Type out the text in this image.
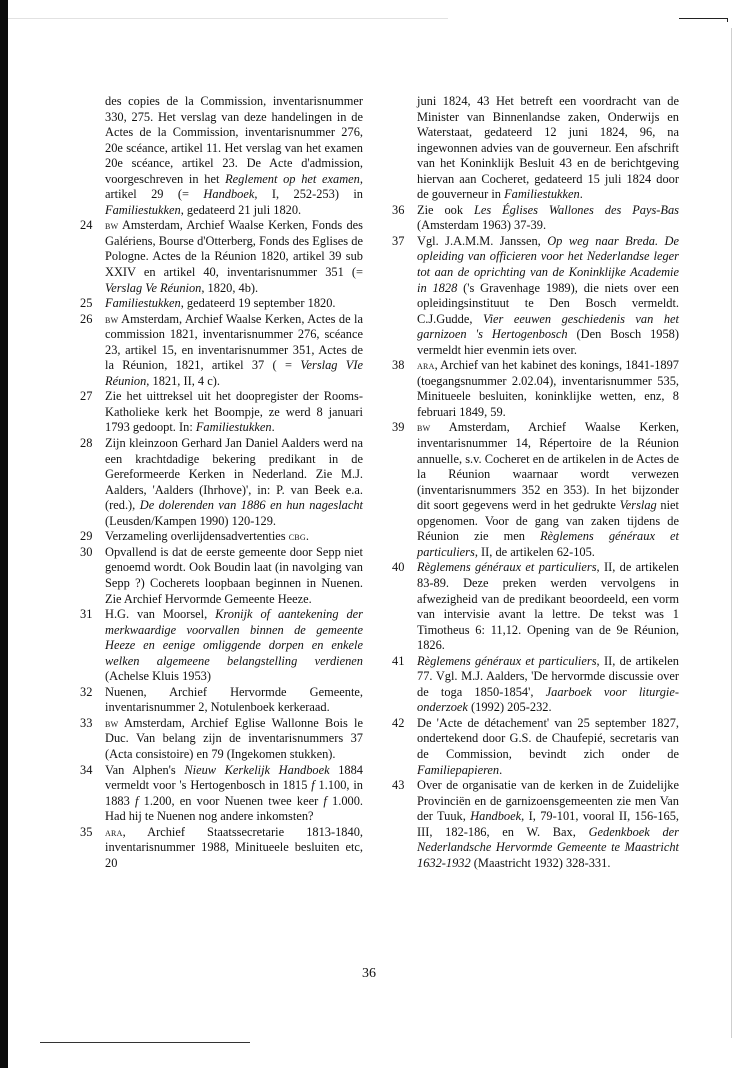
des copies de la Commission, inventarisnummer 330, 275. Het verslag van deze handelingen in de Actes de la Commission, inventarisnummer 276, 20e scéance, artikel 11. Het verslag van het examen 20e scéance, artikel 23. De Acte d'admission, voorgeschreven in het Reglement op het examen, artikel 29 (= Handboek, I, 252-253) in Familiestukken, gedateerd 21 juli 1820.

24	bw Amsterdam, Archief Waalse Kerken, Fonds des Galériens, Bourse d'Otterberg, Fonds des Eglises de Pologne. Actes de la Réunion 1820, artikel 39 sub XXIV en artikel 40, inventarisnummer 351 (= Verslag Ve Réunion, 1820, 4b).
25	Familiestukken, gedateerd 19 september 1820.
26	bw Amsterdam, Archief Waalse Kerken, Actes de la commission 1821, inventarisnummer 276, scéance 23, artikel 15, en inventarisnummer 351, Actes de la Réunion, 1821, artikel 37 ( = Verslag VIe Réunion, 1821, II, 4 c).
27	Zie het uittreksel uit het doopregister der Rooms-Katholieke kerk het Boompje, ze werd 8 januari 1793 gedoopt. In: Familiestukken.
28	Zijn kleinzoon Gerhard Jan Daniel Aalders werd na een krachtdadige bekering predikant in de Gereformeerde Kerken in Nederland. Zie M.J. Aalders, 'Aalders (Ihrhove)', in: P. van Beek e.a. (red.), De dolerenden van 1886 en hun nageslacht (Leusden/Kampen 1990) 120-129.
29	Verzameling overlijdensadvertenties cbg.
30	Opvallend is dat de eerste gemeente door Sepp niet genoemd wordt. Ook Boudin laat (in navolging van Sepp ?) Cocherets loopbaan beginnen in Nuenen. Zie Archief Hervormde Gemeente Heeze.
31	H.G. van Moorsel, Kronijk of aantekening der merkwaardige voorvallen binnen de gemeente Heeze en eenige omliggende dorpen en enkele welken algemeene belangstelling verdienen (Achelse Kluis 1953)
32	Nuenen, Archief Hervormde Gemeente, inventarisnummer 2, Notulenboek kerkeraad.
33	bw Amsterdam, Archief Eglise Wallonne Bois le Duc. Van belang zijn de inventarisnummers 37 (Acta consistoire) en 79 (Ingekomen stukken).
34	Van Alphen's Nieuw Kerkelijk Handboek 1884 vermeldt voor 's Hertogenbosch in 1815 f 1.100, in 1883 f 1.200, en voor Nuenen twee keer f 1.000. Had hij te Nuenen nog andere inkomsten?
35	ara, Archief Staatssecretarie 1813-1840, inventarisnummer 1988, Minitueele besluiten etc, 20

juni 1824, 43 Het betreft een voordracht van de Minister van Binnenlandse zaken, Onderwijs en Waterstaat, gedateerd 12 juni 1824, 96, na ingewonnen advies van de gouverneur. Een afschrift van het Koninklijk Besluit 43 en de berichtgeving hiervan aan Cocheret, gedateerd 15 juli 1824 door de gouverneur in Familiestukken.

36	Zie ook Les Églises Wallones des Pays-Bas (Amsterdam 1963) 37-39.
37	Vgl. J.A.M.M. Janssen, Op weg naar Breda. De opleiding van officieren voor het Nederlandse leger tot aan de oprichting van de Koninklijke Academie in 1828 ('s Gravenhage 1989), die niets over een opleidingsinstituut te Den Bosch vermeldt. C.J.Gudde, Vier eeuwen geschiedenis van het garnizoen 's Hertogenbosch (Den Bosch 1958) vermeldt hier evenmin iets over.
38	ara, Archief van het kabinet des konings, 1841-1897 (toegangsnummer 2.02.04), inventarisnummer 535, Minitueele besluiten, koninklijke wetten, enz, 8 februari 1849, 59.
39	bw Amsterdam, Archief Waalse Kerken, inventarisnummer 14, Répertoire de la Réunion annuelle, s.v. Cocheret en de artikelen in de Actes de la Réunion waarnaar wordt verwezen (inventarisnummers 352 en 353). In het bijzonder dit soort gegevens werd in het gedrukte Verslag niet opgenomen. Voor de gang van zaken tijdens de Réunion zie men Règlemens généraux et particuliers, II, de artikelen 62-105.
40	Règlemens généraux et particuliers, II, de artikelen 83-89. Deze preken werden vervolgens in afwezigheid van de predikant beoordeeld, een vorm van intervisie avant la lettre. De tekst was 1 Timotheus 6: 11,12. Opening van de 9e Réunion, 1826.
41	Règlemens généraux et particuliers, II, de artikelen 77. Vgl. M.J. Aalders, 'De hervormde discussie over de toga 1850-1854', Jaarboek voor liturgie-onderzoek (1992) 205-232.
42	De 'Acte de détachement' van 25 september 1827, ondertekend door G.S. de Chaufepié, secretaris van de Commission, bevindt zich onder de Familiepapieren.
43	Over de organisatie van de kerken in de Zuidelijke Provinciën en de garnizoensgemeenten zie men Van der Tuuk, Handboek, I, 79-101, vooral II, 156-165, III, 182-186, en W. Bax, Gedenkboek der Nederlandsche Hervormde Gemeente te Maastricht 1632-1932 (Maastricht 1932) 328-331.
36
